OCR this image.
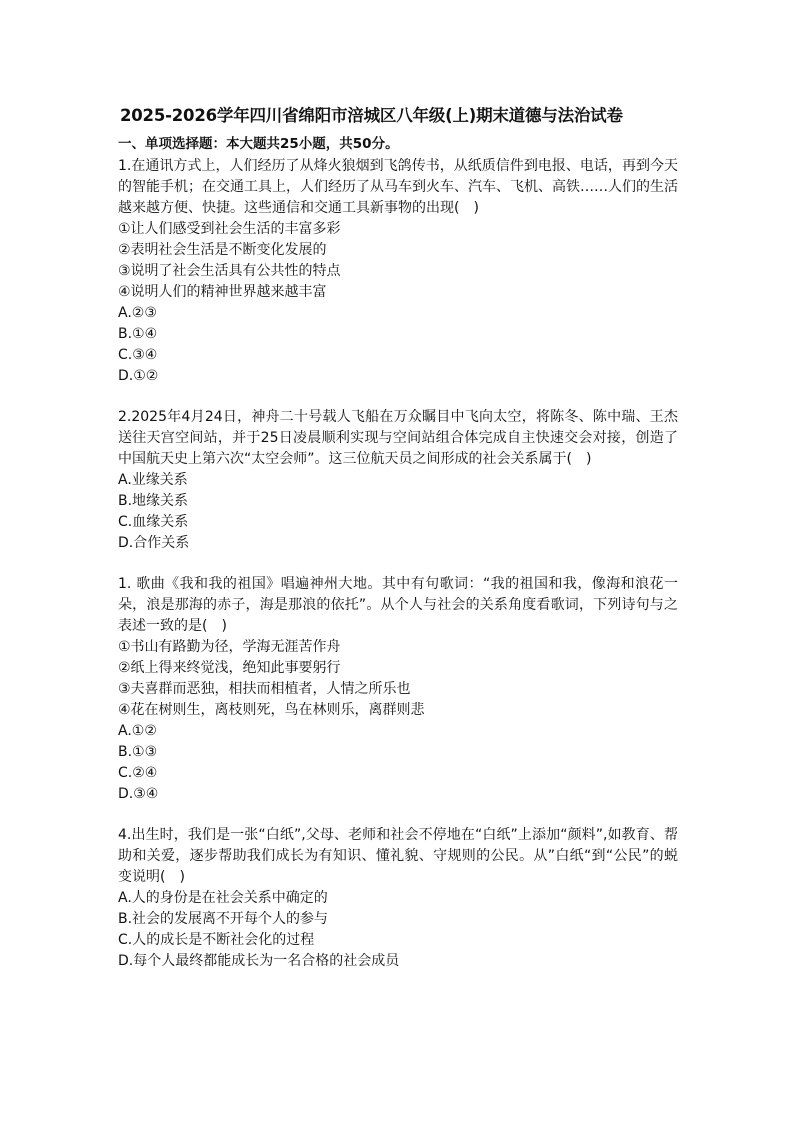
2025-2026学年四川省绵阳市涪城区八年级(上)期末道德与法治试卷
一、单项选择题：本大题共25小题，共50分。

1.在通讯方式上，人们经历了从烽火狼烟到飞鸽传书，从纸质信件到电报、电话，再到今天的智能手机；在交通工具上，人们经历了从马车到火车、汽车、飞机、高铁……人们的生活越来越方便、快捷。这些通信和交通工具新事物的出现(　)

①让人们感受到社会生活的丰富多彩

②表明社会生活是不断变化发展的

③说明了社会生活具有公共性的特点

④说明人们的精神世界越来越丰富

A.②③

B.①④

C.③④

D.①②

2.2025年4月24日，神舟二十号载人飞船在万众瞩目中飞向太空，将陈冬、陈中瑞、王杰送往天宫空间站，并于25日凌晨顺利实现与空间站组合体完成自主快速交会对接，创造了中国航天史上第六次“太空会师”。这三位航天员之间形成的社会关系属于(　)

A.业缘关系

B.地缘关系

C.血缘关系

D.合作关系

1. 歌曲《我和我的祖国》唱遍神州大地。其中有句歌词：“我的祖国和我，像海和浪花一朵，浪是那海的赤子，海是那浪的依托”。从个人与社会的关系角度看歌词，下列诗句与之表述一致的是(　)

①书山有路勤为径，学海无涯苦作舟

②纸上得来终觉浅，绝知此事要躬行

③夫喜群而恶独，相扶而相植者，人情之所乐也

④花在树则生，离枝则死，鸟在林则乐，离群则悲

A.①②

B.①③

C.②④

D.③④

4.出生时，我们是一张“白纸”,父母、老师和社会不停地在“白纸”上添加“颜料”,如教育、帮助和关爱，逐步帮助我们成长为有知识、懂礼貌、守规则的公民。从”白纸“到“公民”的蜕变说明(　)

A.人的身份是在社会关系中确定的

B.社会的发展离不开每个人的参与

C.人的成长是不断社会化的过程

D.每个人最终都能成长为一名合格的社会成员
